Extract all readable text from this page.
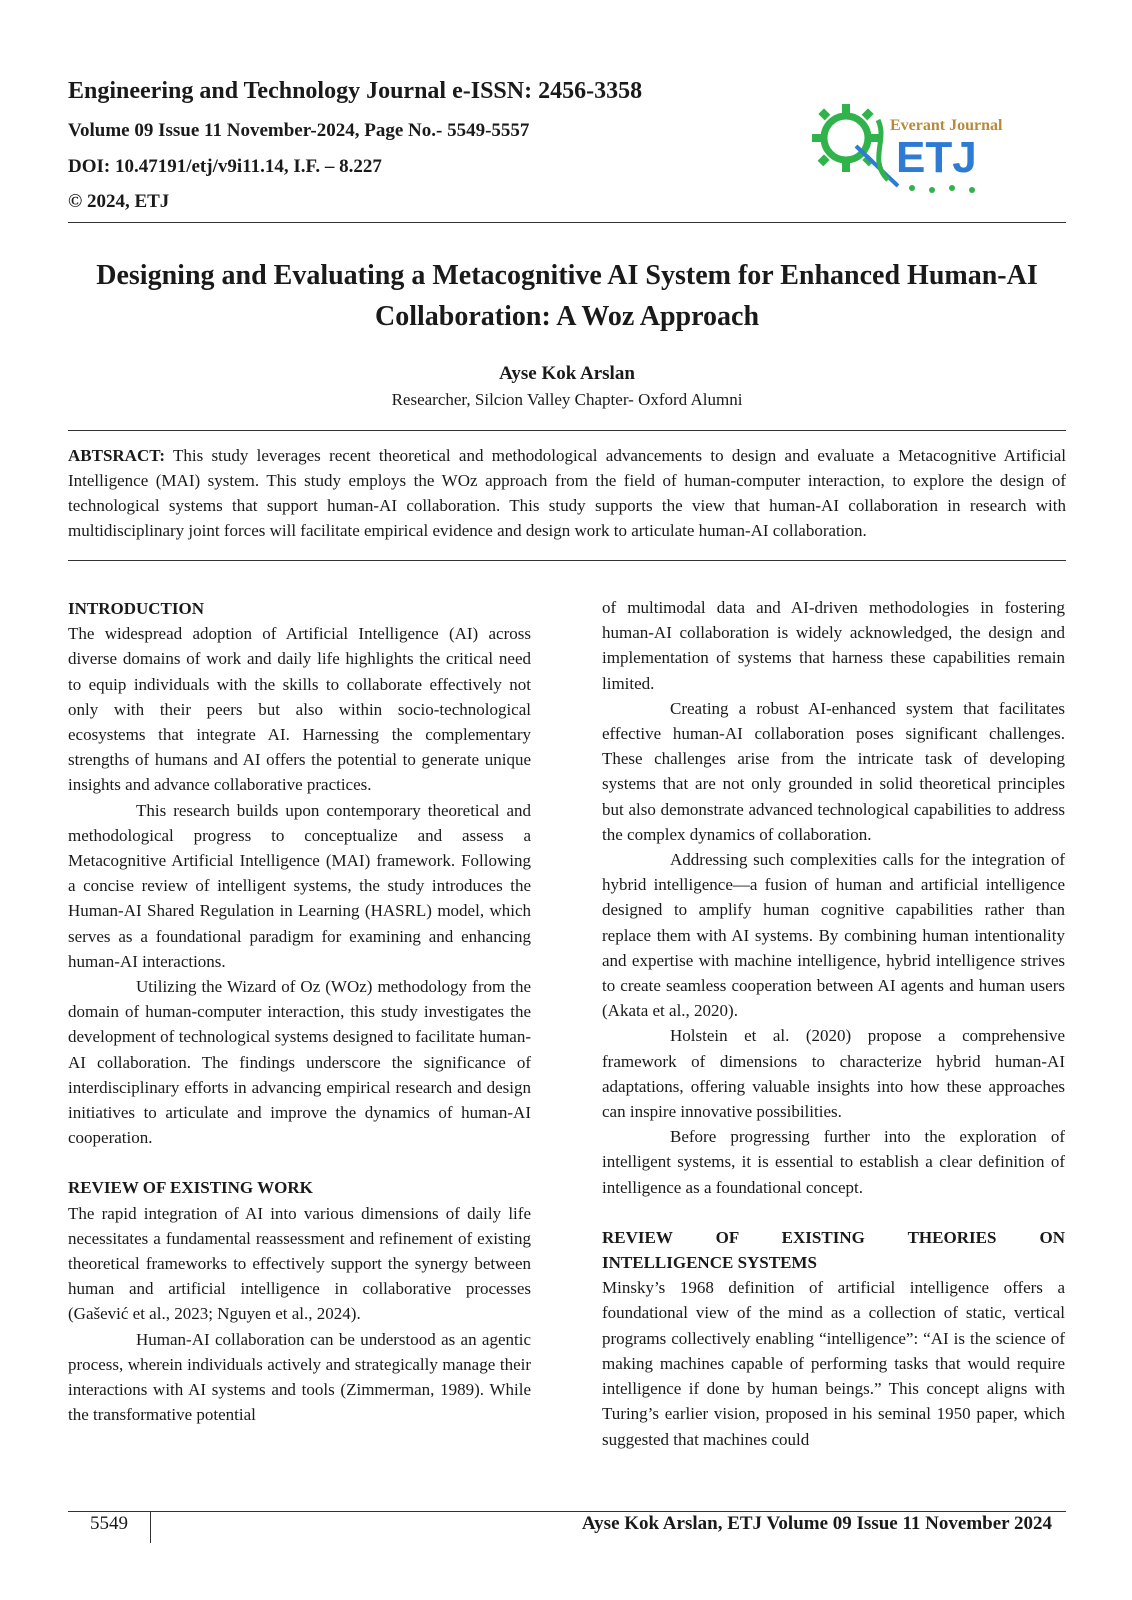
Engineering and Technology Journal e-ISSN: 2456-3358

Volume 09 Issue 11 November-2024, Page No.- 5549-5557

DOI: 10.47191/etj/v9i11.14, I.F. – 8.227

© 2024, ETJ

Everant Journal
ETJ
Designing and Evaluating a Metacognitive AI System for Enhanced Human-AI Collaboration: A Woz Approach

Ayse Kok Arslan

Researcher, Silcion Valley Chapter- Oxford Alumni

ABTSRACT: This study leverages recent theoretical and methodological advancements to design and evaluate a Metacognitive Artificial Intelligence (MAI) system. This study employs the WOz approach from the field of human-computer interaction, to explore the design of technological systems that support human-AI collaboration. This study supports the view that human-AI collaboration in research with multidisciplinary joint forces will facilitate empirical evidence and design work to articulate human-AI collaboration.

INTRODUCTION

The widespread adoption of Artificial Intelligence (AI) across diverse domains of work and daily life highlights the critical need to equip individuals with the skills to collaborate effectively not only with their peers but also within socio-technological ecosystems that integrate AI. Harnessing the complementary strengths of humans and AI offers the potential to generate unique insights and advance collaborative practices.

This research builds upon contemporary theoretical and methodological progress to conceptualize and assess a Metacognitive Artificial Intelligence (MAI) framework. Following a concise review of intelligent systems, the study introduces the Human-AI Shared Regulation in Learning (HASRL) model, which serves as a foundational paradigm for examining and enhancing human-AI interactions.

Utilizing the Wizard of Oz (WOz) methodology from the domain of human-computer interaction, this study investigates the development of technological systems designed to facilitate human-AI collaboration. The findings underscore the significance of interdisciplinary efforts in advancing empirical research and design initiatives to articulate and improve the dynamics of human-AI cooperation.

REVIEW OF EXISTING WORK

The rapid integration of AI into various dimensions of daily life necessitates a fundamental reassessment and refinement of existing theoretical frameworks to effectively support the synergy between human and artificial intelligence in collaborative processes (Gašević et al., 2023; Nguyen et al., 2024).

Human-AI collaboration can be understood as an agentic process, wherein individuals actively and strategically manage their interactions with AI systems and tools (Zimmerman, 1989). While the transformative potential

of multimodal data and AI-driven methodologies in fostering human-AI collaboration is widely acknowledged, the design and implementation of systems that harness these capabilities remain limited.

Creating a robust AI-enhanced system that facilitates effective human-AI collaboration poses significant challenges. These challenges arise from the intricate task of developing systems that are not only grounded in solid theoretical principles but also demonstrate advanced technological capabilities to address the complex dynamics of collaboration.

Addressing such complexities calls for the integration of hybrid intelligence—a fusion of human and artificial intelligence designed to amplify human cognitive capabilities rather than replace them with AI systems. By combining human intentionality and expertise with machine intelligence, hybrid intelligence strives to create seamless cooperation between AI agents and human users (Akata et al., 2020).

Holstein et al. (2020) propose a comprehensive framework of dimensions to characterize hybrid human-AI adaptations, offering valuable insights into how these approaches can inspire innovative possibilities.

Before progressing further into the exploration of intelligent systems, it is essential to establish a clear definition of intelligence as a foundational concept.

REVIEW OF EXISTING THEORIES ON
INTELLIGENCE SYSTEMS

Minsky’s 1968 definition of artificial intelligence offers a foundational view of the mind as a collection of static, vertical programs collectively enabling “intelligence”: “AI is the science of making machines capable of performing tasks that would require intelligence if done by human beings.” This concept aligns with Turing’s earlier vision, proposed in his seminal 1950 paper, which suggested that machines could

5549	Ayse Kok Arslan, ETJ Volume 09 Issue 11 November 2024
